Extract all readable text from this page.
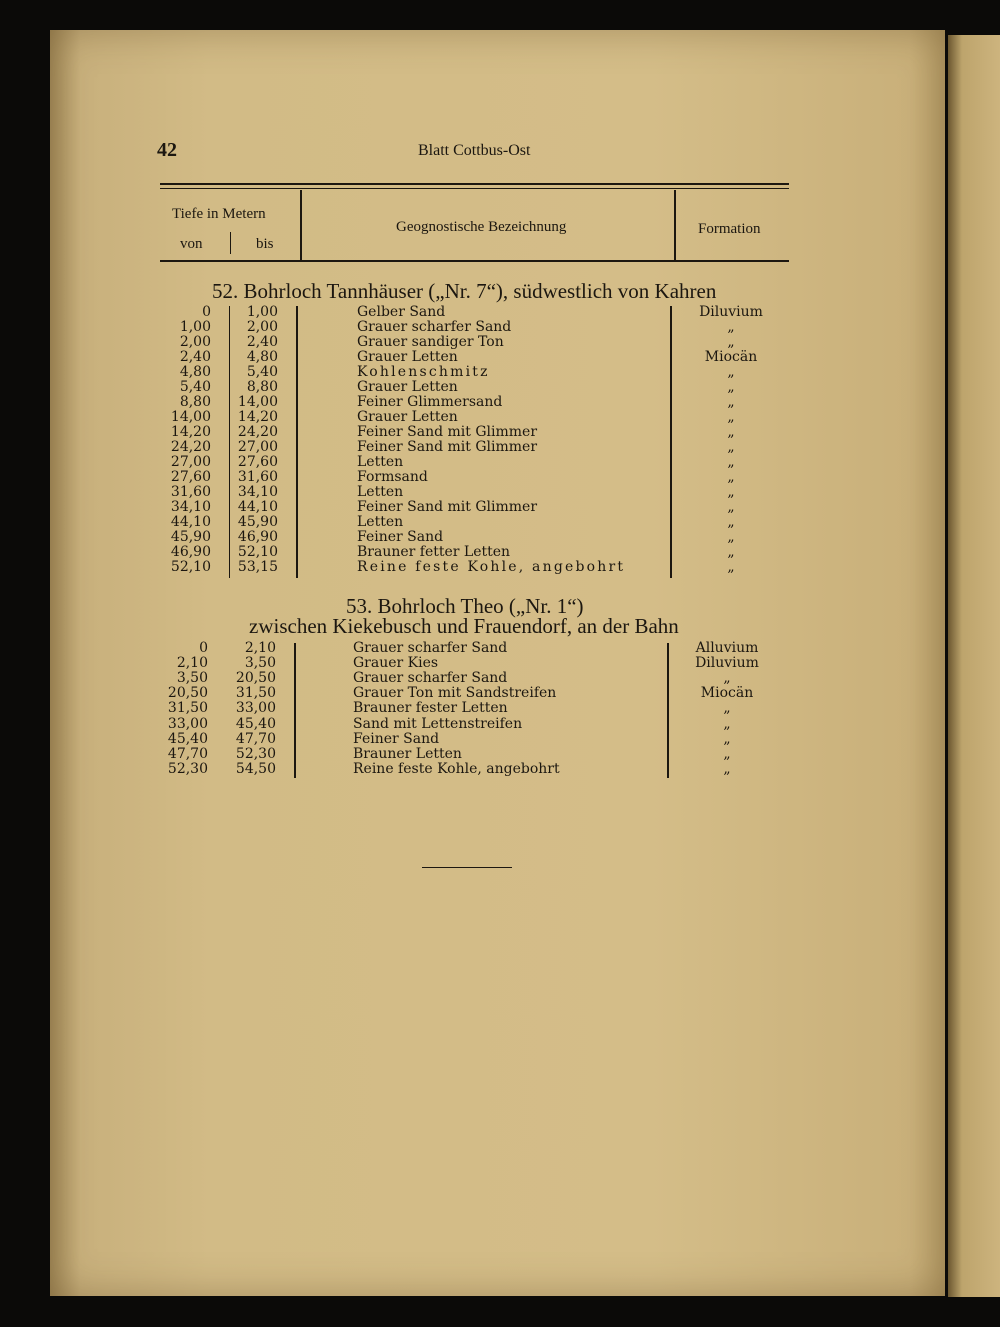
42	Blatt Cottbus-Ost
Tiefe in Metern
von	bis
Geognostische Bezeichnung	Formation
52. Bohrloch Tannhäuser („Nr. 7“), südwestlich von Kahren
0	1,00	Gelber Sand	Diluvium
1,00	2,00	Grauer scharfer Sand	„
2,00	2,40	Grauer sandiger Ton	„
2,40	4,80	Grauer Letten	Miocän
4,80	5,40	Kohlenschmitz	„
5,40	8,80	Grauer Letten	„
8,80	14,00	Feiner Glimmersand	„
14,00	14,20	Grauer Letten	„
14,20	24,20	Feiner Sand mit Glimmer	„
24,20	27,00	Feiner Sand mit Glimmer	„
27,00	27,60	Letten	„
27,60	31,60	Formsand	„
31,60	34,10	Letten	„
34,10	44,10	Feiner Sand mit Glimmer	„
44,10	45,90	Letten	„
45,90	46,90	Feiner Sand	„
46,90	52,10	Brauner fetter Letten	„
52,10	53,15	Reine feste Kohle, angebohrt	„
53. Bohrloch Theo („Nr. 1“)
zwischen Kiekebusch und Frauendorf, an der Bahn
0	2,10	Grauer scharfer Sand	Alluvium
2,10	3,50	Grauer Kies	Diluvium
3,50	20,50	Grauer scharfer Sand	„
20,50	31,50	Grauer Ton mit Sandstreifen	Miocän
31,50	33,00	Brauner fester Letten	„
33,00	45,40	Sand mit Lettenstreifen	„
45,40	47,70	Feiner Sand	„
47,70	52,30	Brauner Letten	„
52,30	54,50	Reine feste Kohle, angebohrt	„
